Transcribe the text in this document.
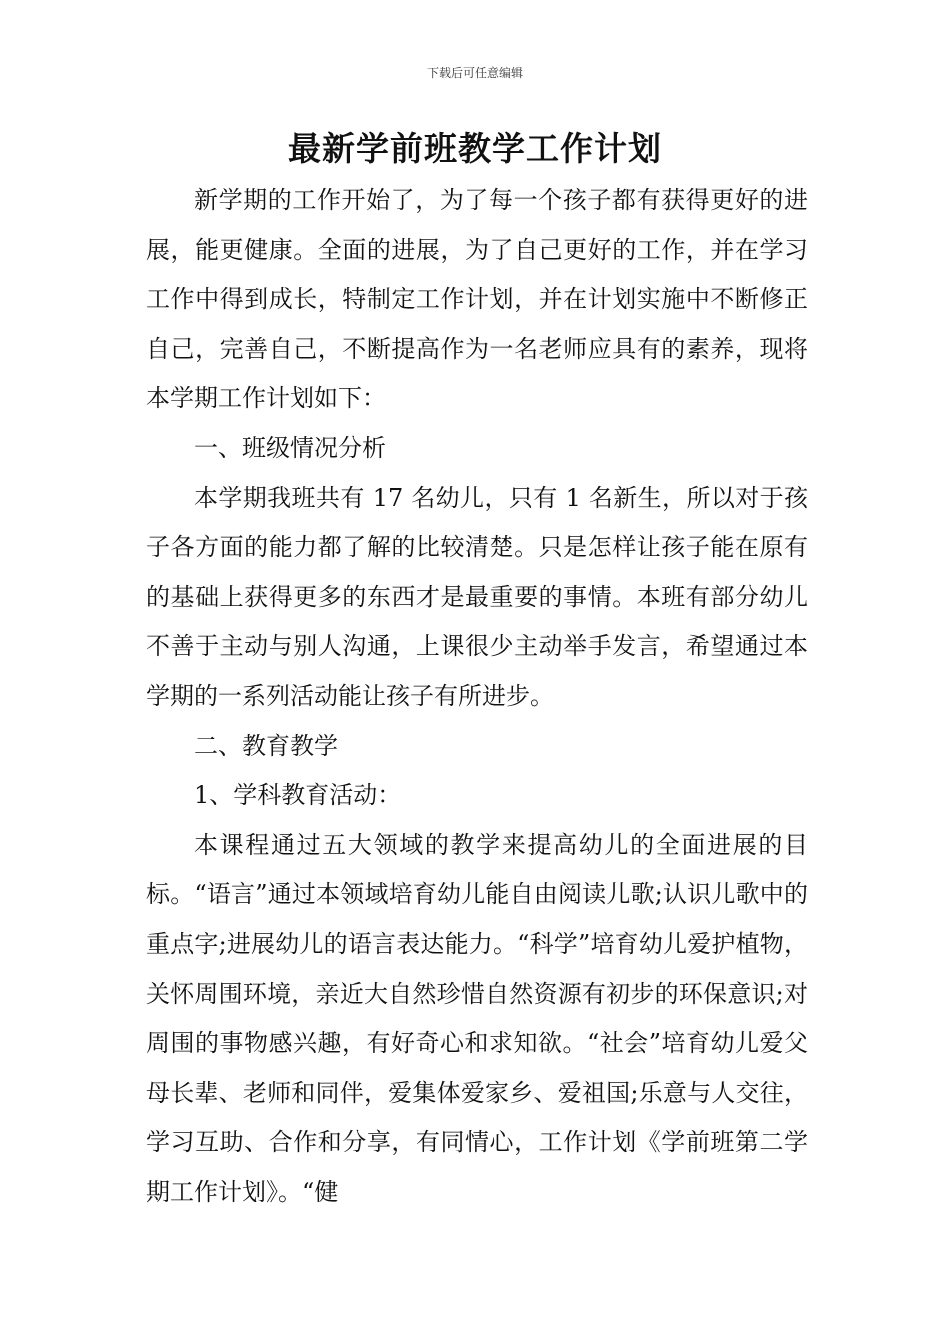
下载后可任意编辑
最新学前班教学工作计划

新学期的工作开始了，为了每一个孩子都有获得更好的进展，能更健康。全面的进展，为了自己更好的工作，并在学习工作中得到成长，特制定工作计划，并在计划实施中不断修正自己，完善自己，不断提高作为一名老师应具有的素养，现将本学期工作计划如下：

一、班级情况分析

本学期我班共有 17 名幼儿，只有 1 名新生，所以对于孩子各方面的能力都了解的比较清楚。只是怎样让孩子能在原有的基础上获得更多的东西才是最重要的事情。本班有部分幼儿不善于主动与别人沟通，上课很少主动举手发言，希望通过本学期的一系列活动能让孩子有所进步。

二、教育教学

1、学科教育活动：

本课程通过五大领域的教学来提高幼儿的全面进展的目标。“语言”通过本领域培育幼儿能自由阅读儿歌;认识儿歌中的重点字;进展幼儿的语言表达能力。“科学”培育幼儿爱护植物，关怀周围环境，亲近大自然珍惜自然资源有初步的环保意识;对周围的事物感兴趣，有好奇心和求知欲。“社会”培育幼儿爱父母长辈、老师和同伴，爱集体爱家乡、爱祖国;乐意与人交往，学习互助、合作和分享，有同情心，工作计划《学前班第二学期工作计划》。“健
